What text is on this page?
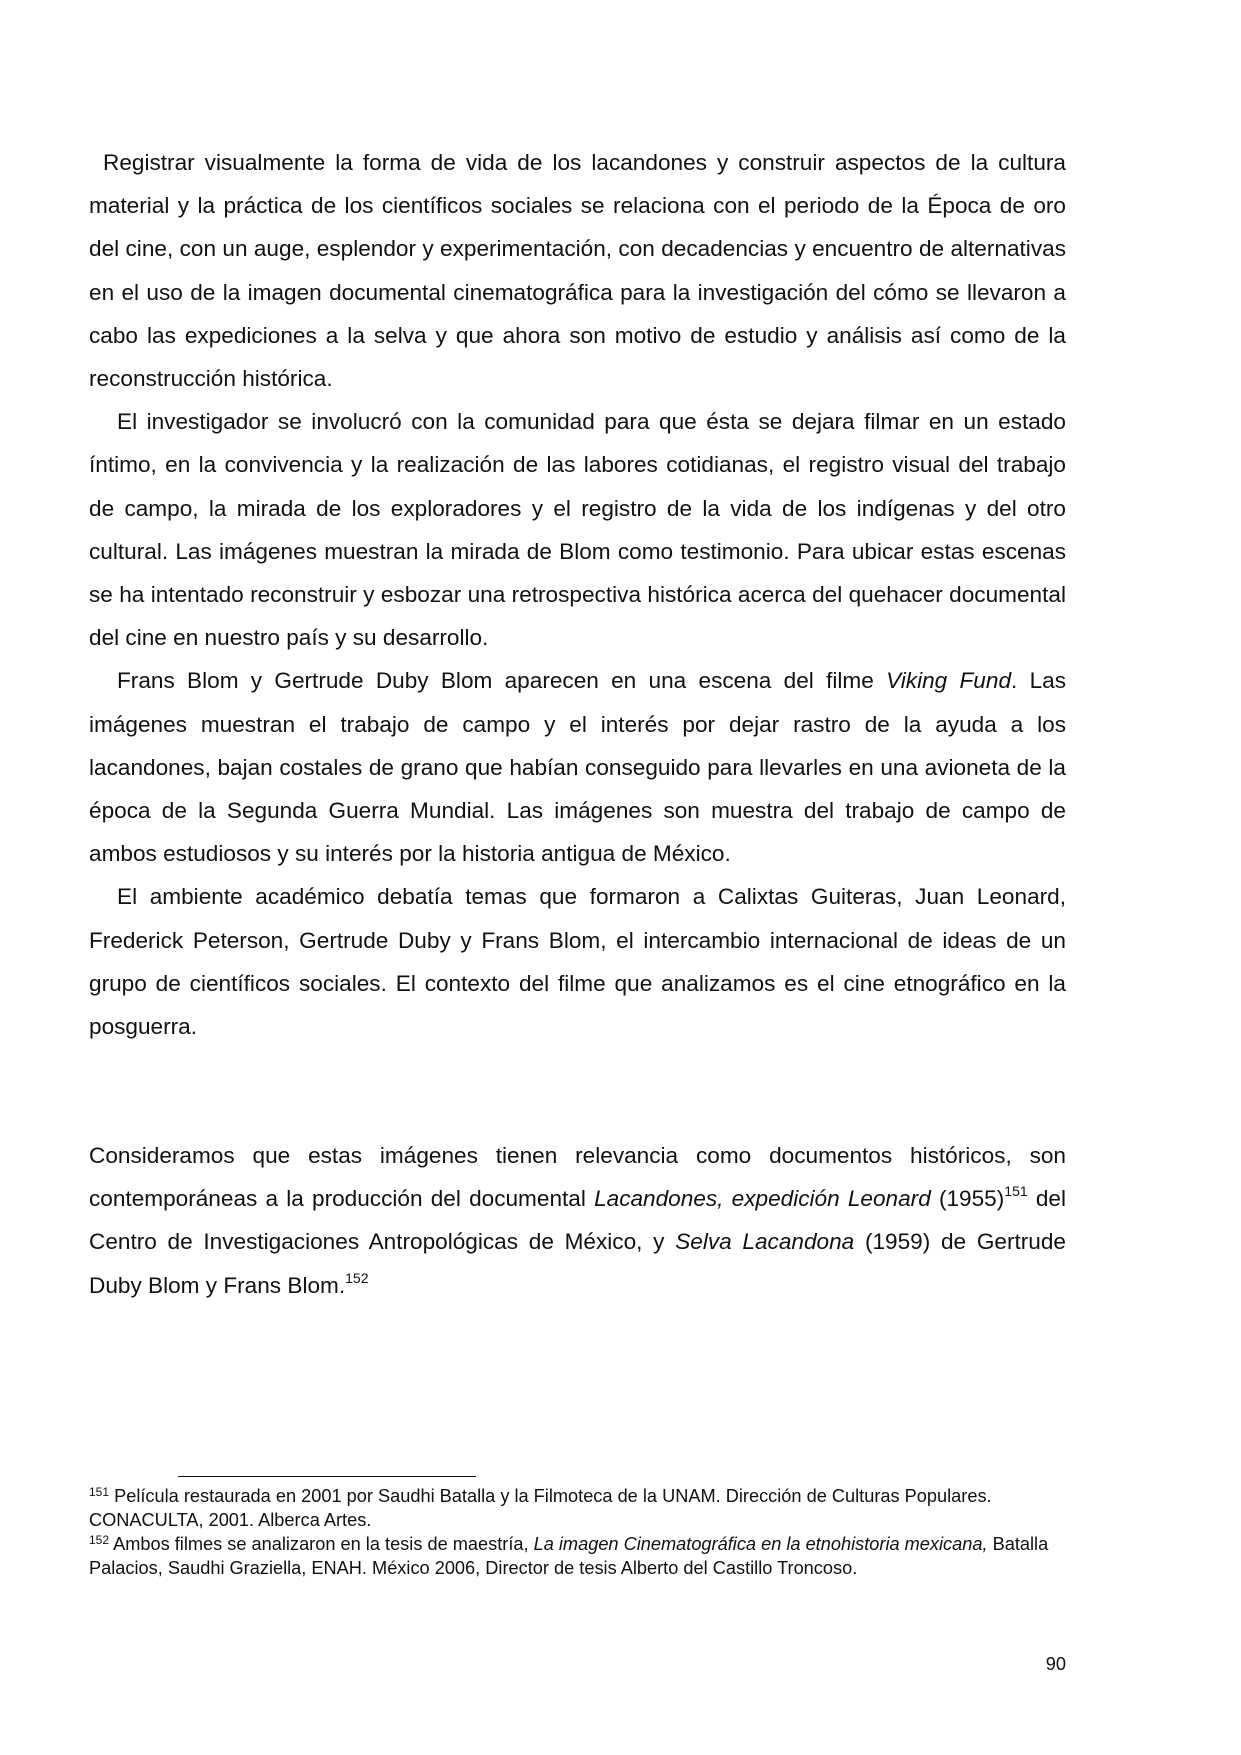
Registrar visualmente la forma de vida de los lacandones y construir aspectos de la cultura material y la práctica de los científicos sociales se relaciona con el periodo de la Época de oro del cine, con un auge, esplendor y experimentación, con decadencias y encuentro de alternativas en el uso de la imagen documental cinematográfica para la investigación del cómo se llevaron a cabo las expediciones a la selva y que ahora son motivo de estudio y análisis así como de la reconstrucción histórica.

El investigador se involucró con la comunidad para que ésta se dejara filmar en un estado íntimo, en la convivencia y la realización de las labores cotidianas, el registro visual del trabajo de campo, la mirada de los exploradores y el registro de la vida de los indígenas y del otro cultural. Las imágenes muestran la mirada de Blom como testimonio. Para ubicar estas escenas se ha intentado reconstruir y esbozar una retrospectiva histórica acerca del quehacer documental del cine en nuestro país y su desarrollo.

Frans Blom y Gertrude Duby Blom aparecen en una escena del filme Viking Fund. Las imágenes muestran el trabajo de campo y el interés por dejar rastro de la ayuda a los lacandones, bajan costales de grano que habían conseguido para llevarles en una avioneta de la época de la Segunda Guerra Mundial. Las imágenes son muestra del trabajo de campo de ambos estudiosos y su interés por la historia antigua de México.

El ambiente académico debatía temas que formaron a Calixtas Guiteras, Juan Leonard, Frederick Peterson, Gertrude Duby y Frans Blom, el intercambio internacional de ideas de un grupo de científicos sociales. El contexto del filme que analizamos es el cine etnográfico en la posguerra.

Consideramos que estas imágenes tienen relevancia como documentos históricos, son contemporáneas a la producción del documental Lacandones, expedición Leonard $(1955)^{151}$ del Centro de Investigaciones Antropológicas de México, y Selva Lacandona (1959) de Gertrude Duby Blom y Frans Blom.$^{152}$

$^{151}$ Película restaurada en 2001 por Saudhi Batalla y la Filmoteca de la UNAM. Dirección de Culturas Populares. CONACULTA, 2001. Alberca Artes.

$^{152}$ Ambos filmes se analizaron en la tesis de maestría, La imagen Cinematográfica en la etnohistoria mexicana, Batalla Palacios, Saudhi Graziella, ENAH. México 2006, Director de tesis Alberto del Castillo Troncoso.

90
